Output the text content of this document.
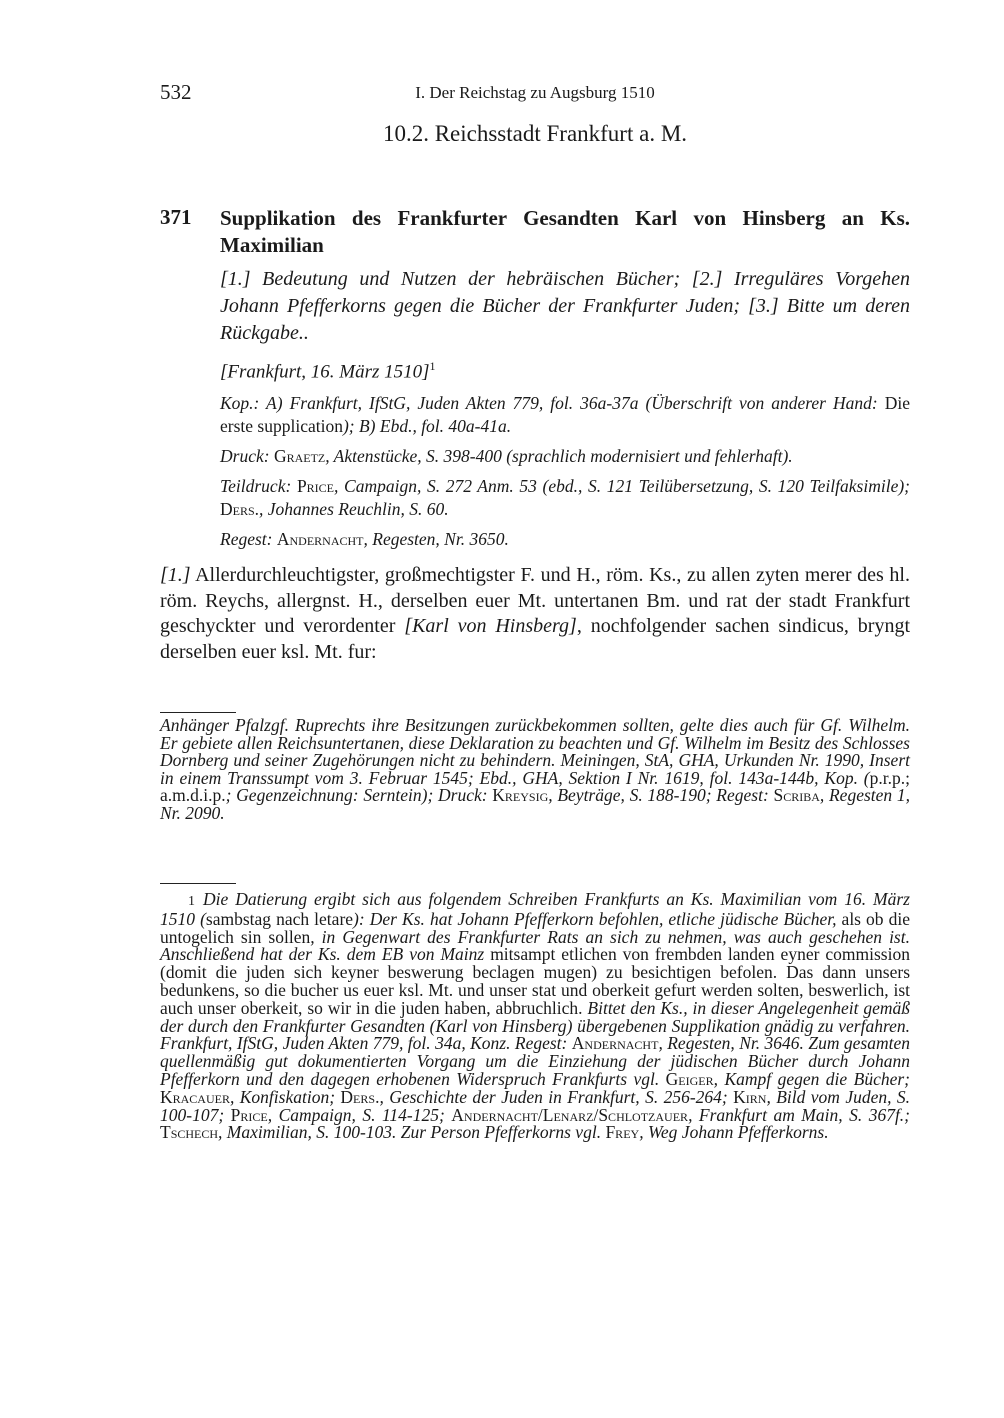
532	I. Der Reichstag zu Augsburg 1510
10.2. Reichsstadt Frankfurt a. M.
371 Supplikation des Frankfurter Gesandten Karl von Hinsberg an Ks. Maximilian
[1.] Bedeutung und Nutzen der hebräischen Bücher; [2.] Irreguläres Vorgehen Johann Pfefferkorns gegen die Bücher der Frankfurter Juden; [3.] Bitte um deren Rückgabe..
[Frankfurt, 16. März 1510]$^1$
Kop.: A) Frankfurt, IfStG, Juden Akten 779, fol. 36a-37a (Überschrift von anderer Hand: Die erste supplication); B) Ebd., fol. 40a-41a.
Druck: Graetz, Aktenstücke, S. 398-400 (sprachlich modernisiert und fehlerhaft).
Teildruck: Price, Campaign, S. 272 Anm. 53 (ebd., S. 121 Teilübersetzung, S. 120 Teilfaksimile); Ders., Johannes Reuchlin, S. 60.
Regest: Andernacht, Regesten, Nr. 3650.
[1.] Allerdurchleuchtigster, großmechtigster F. und H., röm. Ks., zu allen zyten merer des hl. röm. Reychs, allergnst. H., derselben euer Mt. untertanen Bm. und rat der stadt Frankfurt geschyckter und verordenter [Karl von Hinsberg], nochfolgender sachen sindicus, bryngt derselben euer ksl. Mt. fur:
Anhänger Pfalzgf. Ruprechts ihre Besitzungen zurückbekommen sollten, gelte dies auch für Gf. Wilhelm. Er gebiete allen Reichsuntertanen, diese Deklaration zu beachten und Gf. Wilhelm im Besitz des Schlosses Dornberg und seiner Zugehörungen nicht zu behindern. Meiningen, StA, GHA, Urkunden Nr. 1990, Insert in einem Transsumpt vom 3. Februar 1545; Ebd., GHA, Sektion I Nr. 1619, fol. 143a-144b, Kop. (p.r.p.; a.m.d.i.p.; Gegenzeichnung: Serntein); Druck: Kreysig, Beyträge, S. 188-190; Regest: Scriba, Regesten 1, Nr. 2090.
1 Die Datierung ergibt sich aus folgendem Schreiben Frankfurts an Ks. Maximilian vom 16. März 1510 (sambstag nach letare): Der Ks. hat Johann Pfefferkorn befohlen, etliche jüdische Bücher, als ob die untogelich sin sollen, in Gegenwart des Frankfurter Rats an sich zu nehmen, was auch geschehen ist. Anschließend hat der Ks. dem EB von Mainz mitsampt etlichen von frembden landen eyner commission (domit die juden sich keyner beswerung beclagen mugen) zu besichtigen befolen. Das dann unsers bedunkens, so die bucher us euer ksl. Mt. und unser stat und oberkeit gefurt werden solten, beswerlich, ist auch unser oberkeit, so wir in die juden haben, abbruchlich. Bittet den Ks., in dieser Angelegenheit gemäß der durch den Frankfurter Gesandten (Karl von Hinsberg) übergebenen Supplikation gnädig zu verfahren. Frankfurt, IfStG, Juden Akten 779, fol. 34a, Konz. Regest: Andernacht, Regesten, Nr. 3646. Zum gesamten quellenmäßig gut dokumentierten Vorgang um die Einziehung der jüdischen Bücher durch Johann Pfefferkorn und den dagegen erhobenen Widerspruch Frankfurts vgl. Geiger, Kampf gegen die Bücher; Kracauer, Konfiskation; Ders., Geschichte der Juden in Frankfurt, S. 256-264; Kirn, Bild vom Juden, S. 100-107; Price, Campaign, S. 114-125; Andernacht/Lenarz/Schlotzauer, Frankfurt am Main, S. 367f.; Tschech, Maximilian, S. 100-103. Zur Person Pfefferkorns vgl. Frey, Weg Johann Pfefferkorns.
